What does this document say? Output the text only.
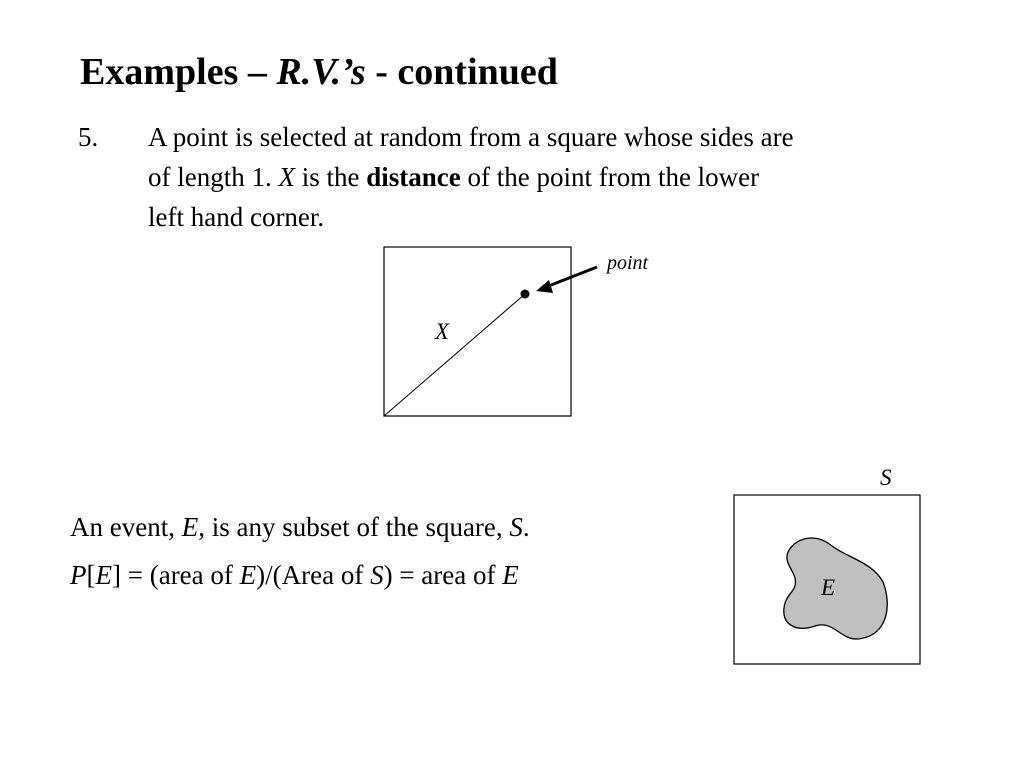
Examples – R.V.’s - continued
5. A point is selected at random from a square whose sides are
of length 1. X is the distance of the point from the lower
left hand corner.
point
X
E
S
An event, E, is any subset of the square, S.
P[E] = (area of E)/(Area of S) = area of E
